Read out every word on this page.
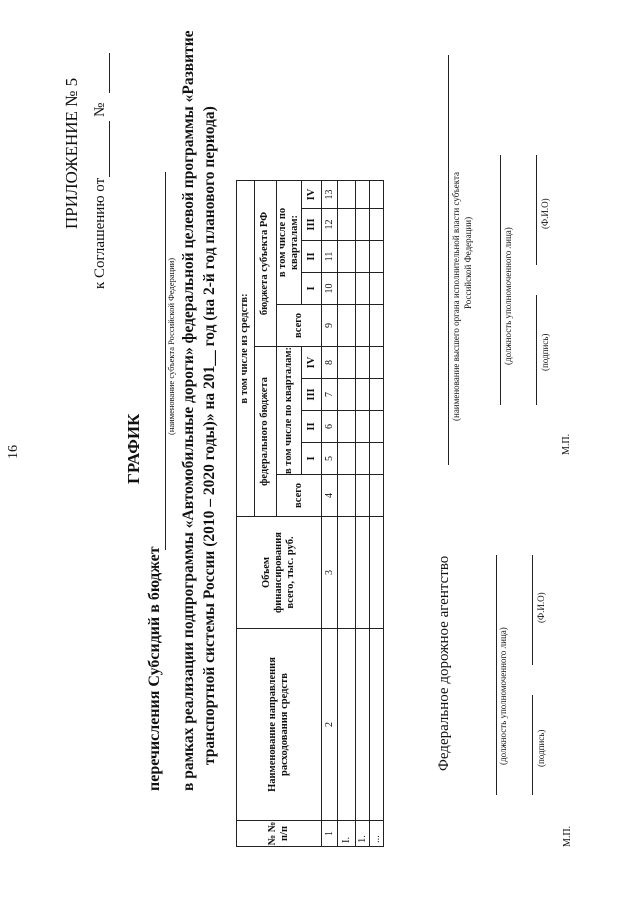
16
ПРИЛОЖЕНИЕ № 5
к Соглашению от
№
ГРАФИК
перечисления Субсидий в бюджет
(наименование субъекта Российской Федерации) в рамках реализации подпрограммы «Автомобильные дороги» федеральной целевой программы «Развитие транспортной системы России (2010 – 2020 годы)» на 201__ год (на 2-й год планового периода)
№ № п/п	Наименование направления расходования средств	Объем финансирования всего, тыс. руб.	в том числе из средств:									
			федерального бюджета					бюджета субъекта РФ				
			всего	в том числе по кварталам:				всего	в том числе по кварталам:			
				I	II	III	IV		I	II	III	IV
1	2	3	4	5	6	7	8	9	10	11	12	13
I.												
1.												
...												
Федеральное дорожное агентство	(должность уполномоченного лица)	(подпись)
(Ф.И.О)
М.П.
(наименование высшего органа исполнительной власти субъекта Российской Федерации)	(должность уполномоченного лица)	(подпись)
(Ф.И.О)
М.П.
